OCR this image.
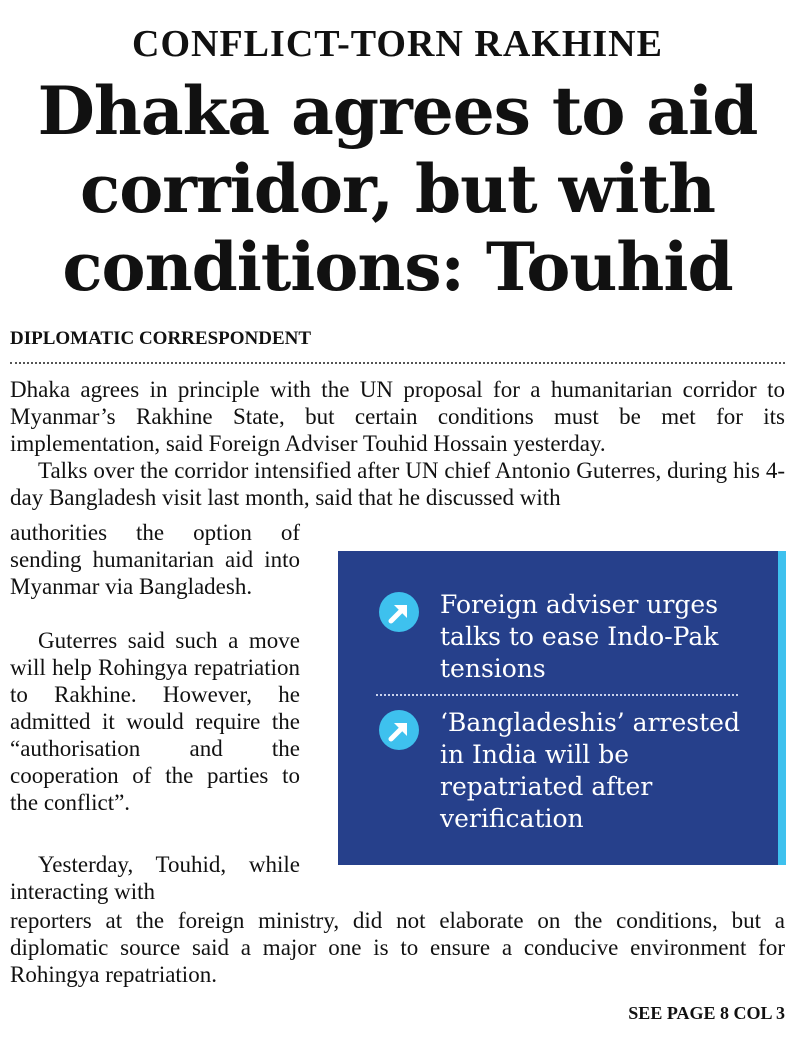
CONFLICT-TORN RAKHINE
Dhaka agrees to aid
corridor, but with
conditions: Touhid
DIPLOMATIC CORRESPONDENT

Dhaka agrees in principle with the UN proposal for a humanitarian corridor to Myanmar’s Rakhine State, but certain conditions must be met for its implementation, said Foreign Adviser Touhid Hossain yesterday.

Talks over the corridor intensified after UN chief Antonio Guterres, during his 4-day Bangladesh visit last month, said that he discussed with

authorities the option of sending humanitarian aid into Myanmar via Bangladesh.

Guterres said such a move will help Rohingya repatriation to Rakhine. However, he admitted it would require the “authorisation and the cooperation of the parties to the conflict”.

Yesterday, Touhid, while interacting with

reporters at the foreign ministry, did not elaborate on the conditions, but a diplomatic source said a major one is to ensure a conducive environment for Rohingya repatriation.

Foreign adviser urges talks to ease Indo-Pak tensions
‘Bangladeshis’ arrested in India will be repatriated after verification
SEE PAGE 8 COL 3
